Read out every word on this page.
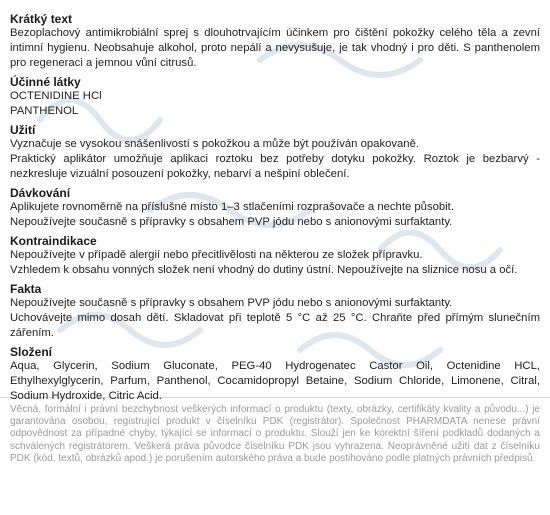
Krátký text

Bezoplachový antimikrobiální sprej s dlouhotrvajícím účinkem pro čištění pokožky celého těla a zevní intimní hygienu. Neobsahuje alkohol, proto nepálí a nevysušuje, je tak vhodný i pro děti. S panthenolem pro regeneraci a jemnou vůní citrusů.

Účinné látky

OCTENIDINE HCl

PANTHENOL

Užití

Vyznačuje se vysokou snášenlivostí s pokožkou a může být používán opakovaně.

Praktický aplikátor umožňuje aplikaci roztoku bez potřeby dotyku pokožky. Roztok je bezbarvý - nezkresluje vizuální posouzení pokožky, nebarví a nešpiní oblečení.

Dávkování

Aplikujete rovnoměrně na příslušné místo 1–3 stlačeními rozprašovače a nechte působit.

Nepoužívejte současně s přípravky s obsahem PVP jódu nebo s anionovými surfaktanty.

Kontraindikace

Nepoužívejte v případě alergií nebo přecitlivělosti na některou ze složek přípravku.

Vzhledem k obsahu vonných složek není vhodný do dutiny ústní. Nepoužívejte na sliznice nosu a očí.

Fakta

Nepoužívejte současně s přípravky s obsahem PVP jódu nebo s anionovými surfaktanty.

Uchovávejte mimo dosah dětí. Skladovat při teplotě 5 °C až 25 °C. Chraňte před přímým slunečním zářením.

Složení

Aqua, Glycerin, Sodium Gluconate, PEG-40 Hydrogenatec Castor Oil, Octenidine HCL, Ethylhexylglycerin, Parfum, Panthenol, Cocamidopropyl Betaine, Sodium Chloride, Limonene, Citral, Sodium Hydroxide, Citric Acid.

Věcná, formální i právní bezchybnost veškerých informací o produktu (texty, obrázky, certifikáty kvality a původu...) je garantována osobou, registrující produkt v číselníku PDK (registrátor). Společnost PHARMDATA nenese právní odpovědnost za případné chyby, týkající se informací o produktu. Slouží jen ke korektní šíření podkladů dodaných a schválených registrátorem. Veškerá práva původce číselníku PDK jsou vyhrazena. Neoprávněné užití dat z číselníku PDK (kód, textů, obrázků apod.) je porušením autorského práva a bude postihováno podle platných právních předpisů.
